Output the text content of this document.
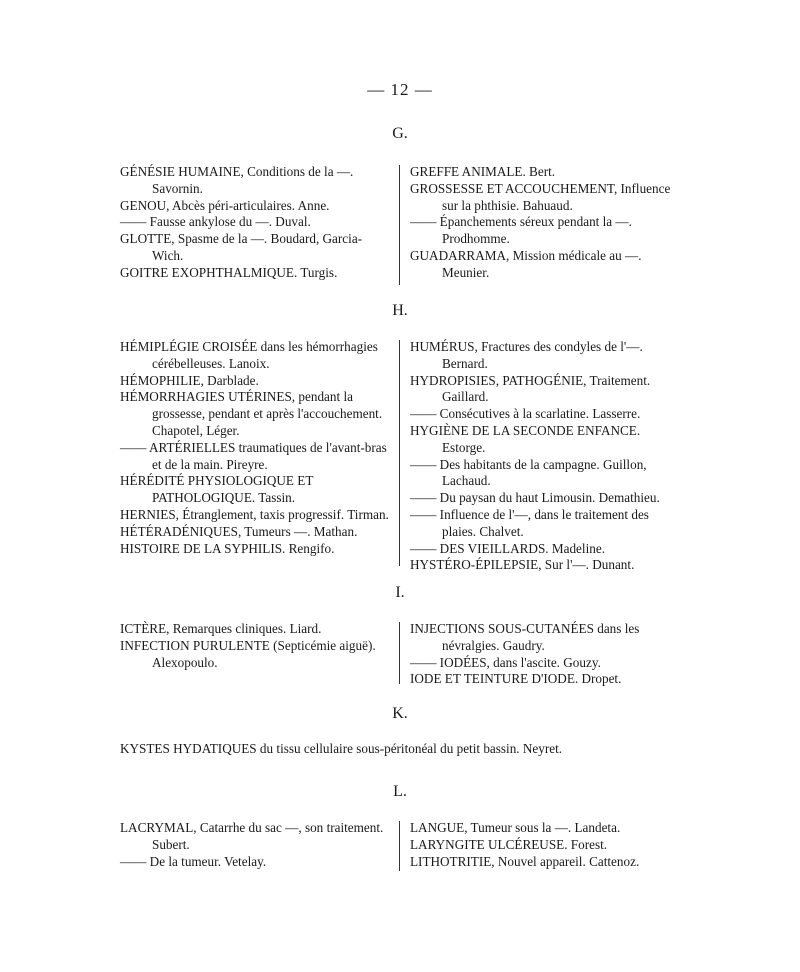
— 12 —
G.

GÉNÉSIE HUMAINE, Conditions de la —. Savornin.

GENOU, Abcès péri-articulaires. Anne.

—— Fausse ankylose du —. Duval.

GLOTTE, Spasme de la —. Boudard, Garcia-Wich.

GOITRE EXOPHTHALMIQUE. Turgis.

GREFFE ANIMALE. Bert.

GROSSESSE ET ACCOUCHEMENT, Influence sur la phthisie. Bahuaud.

—— Épanchements séreux pendant la —. Prodhomme.

GUADARRAMA, Mission médicale au —. Meunier.

H.

HÉMIPLÉGIE CROISÉE dans les hémorrhagies cérébelleuses. Lanoix.

HÉMOPHILIE, Darblade.

HÉMORRHAGIES UTÉRINES, pendant la grossesse, pendant et après l'accouchement. Chapotel, Léger.

—— ARTÉRIELLES traumatiques de l'avant-bras et de la main. Pireyre.

HÉRÉDITÉ PHYSIOLOGIQUE ET PATHOLOGIQUE. Tassin.

HERNIES, Étranglement, taxis progressif. Tirman.

HÉTÉRADÉNIQUES, Tumeurs —. Mathan.

HISTOIRE DE LA SYPHILIS. Rengifo.

HUMÉRUS, Fractures des condyles de l'—. Bernard.

HYDROPISIES, PATHOGÉNIE, Traitement. Gaillard.

—— Consécutives à la scarlatine. Lasserre.

HYGIÈNE DE LA SECONDE ENFANCE. Estorge.

—— Des habitants de la campagne. Guillon, Lachaud.

—— Du paysan du haut Limousin. Demathieu.

—— Influence de l'—, dans le traitement des plaies. Chalvet.

—— DES VIEILLARDS. Madeline.

HYSTÉRO-ÉPILEPSIE, Sur l'—. Dunant.

I.

ICTÈRE, Remarques cliniques. Liard.

INFECTION PURULENTE (Septicémie aiguë). Alexopoulo.

INJECTIONS SOUS-CUTANÉES dans les névralgies. Gaudry.

—— IODÉES, dans l'ascite. Gouzy.

IODE ET TEINTURE D'IODE. Dropet.

K.

KYSTES HYDATIQUES du tissu cellulaire sous-péritonéal du petit bassin. Neyret.

L.

LACRYMAL, Catarrhe du sac —, son traitement. Subert.

—— De la tumeur. Vetelay.

LANGUE, Tumeur sous la —. Landeta.

LARYNGITE ULCÉREUSE. Forest.

LITHOTRITIE, Nouvel appareil. Cattenoz.
